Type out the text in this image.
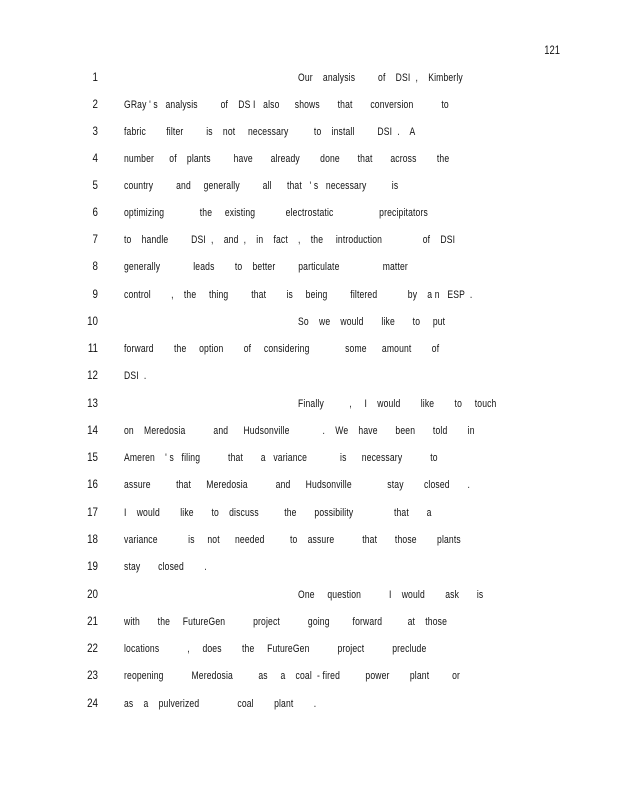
121
1	Our    analysis         of    DSI  ,    Kimberly
2 GRay ' s   analysis         of    DS I   also      shows       that       conversion           to
3 fabric        filter         is    not     necessary          to    install         DSI  .    A
4 number      of    plants         have       already        done       that       across        the
5 country         and     generally         all      that   ' s   necessary          is
6 optimizing              the     existing            electrostatic                  precipitators
7 to    handle         DSI  ,    and  ,    in    fact    ,    the     introduction                of    DSI
8 generally             leads        to    better         particulate                 matter
9 control        ,    the     thing         that        is     being         filtered            by    a n   ESP  .
10	So    we    would       like       to     put
11 forward        the     option        of     considering              some      amount        of
12 DSI  .
13	Finally          ,     I    would        like        to     touch
14 on    Meredosia           and      Hudsonville             .    We    have       been       told        in
15 Ameren    ' s   filing           that       a   variance             is      necessary           to
16 assure          that      Meredosia           and      Hudsonville              stay        closed       .
17 I    would        like       to    discuss          the       possibility                that       a
18 variance            is     not      needed          to    assure           that       those        plants
19 stay       closed        .
20	One     question           I    would        ask       is
21 with       the     FutureGen           project           going         forward          at    those
22 locations           ,     does        the     FutureGen           project           preclude
23 reopening           Meredosia          as     a    coal  - fired          power        plant         or
24 as    a    pulverized               coal        plant        .
